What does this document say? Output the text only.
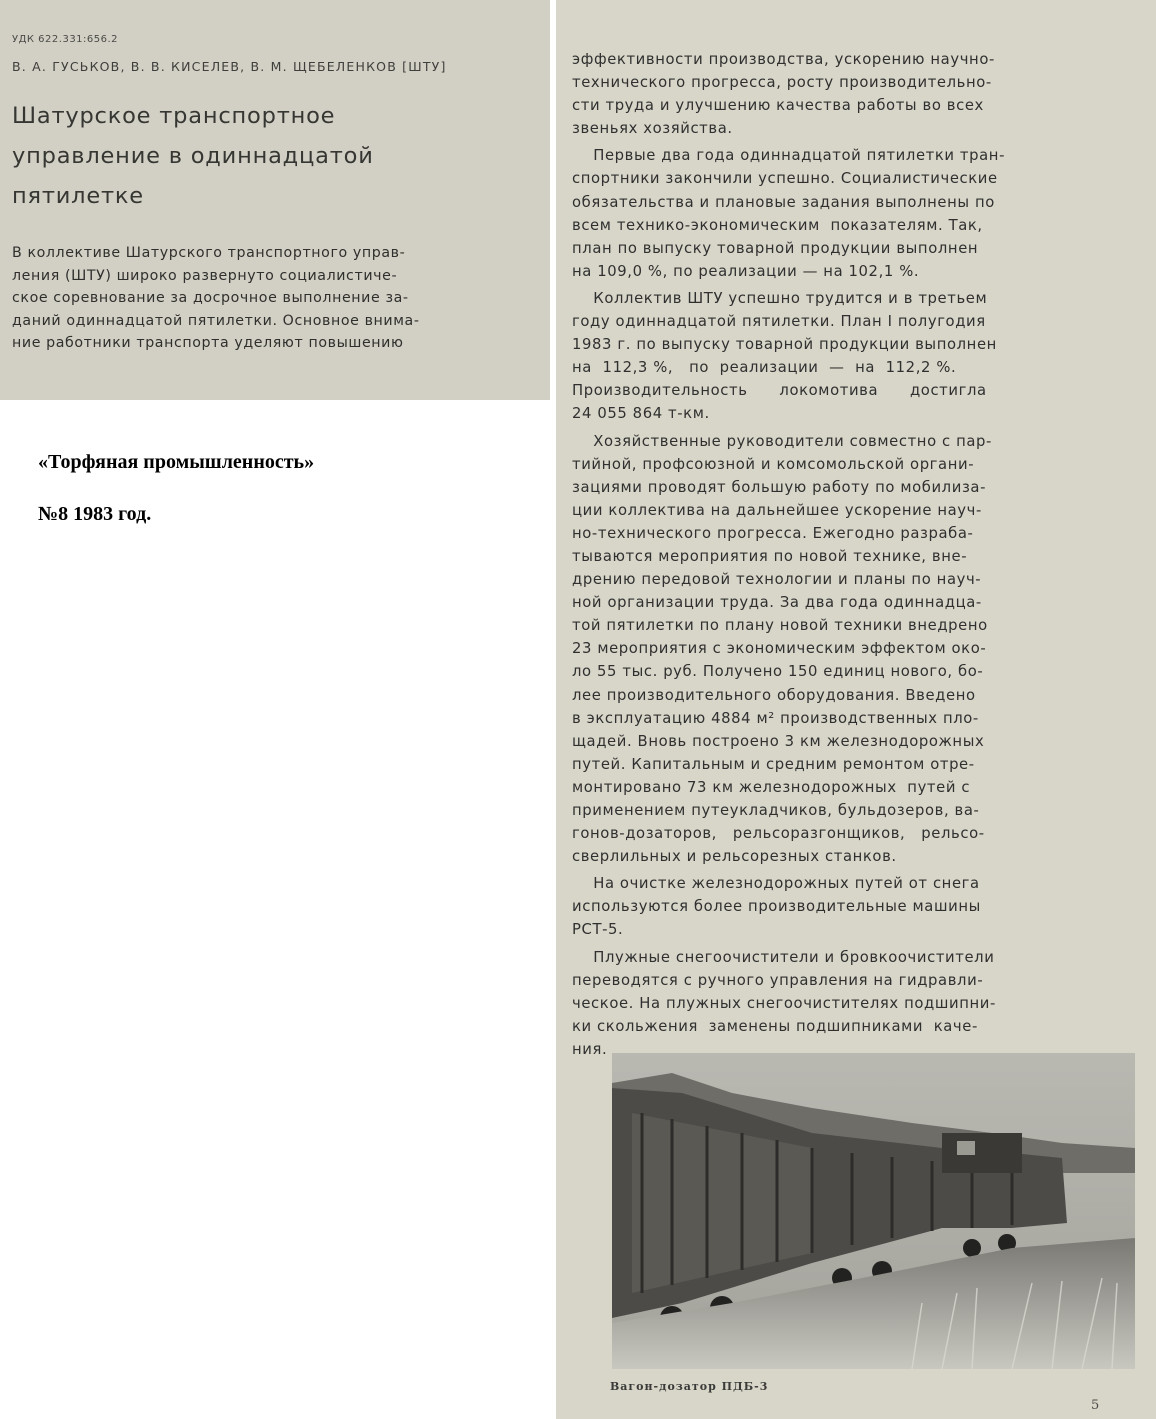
УДК 622.331:656.2
В. А. ГУСЬКОВ, В. В. КИСЕЛЕВ, В. М. ЩЕБЕЛЕНКОВ [ШТУ]
Шатурское транспортное
управление в одиннадцатой
пятилетке
В коллективе Шатурского транспортного управ-
ления (ШТУ) широко развернуто социалистиче-
ское соревнование за досрочное выполнение за-
даний одиннадцатой пятилетки. Основное внима-
ние работники транспорта уделяют повышению
«Торфяная промышленность»
№8 1983 год.
эффективности производства, ускорению научно-
технического прогресса, росту производительно-
сти труда и улучшению качества работы во всех
звеньях хозяйства.
Первые два года одиннадцатой пятилетки тран-
спортники закончили успешно. Социалистические
обязательства и плановые задания выполнены по
всем технико-экономическим  показателям. Так,
план по выпуску товарной продукции выполнен
на 109,0 %, по реализации — на 102,1 %.
Коллектив ШТУ успешно трудится и в третьем
году одиннадцатой пятилетки. План I полугодия
1983 г. по выпуску товарной продукции выполнен
на  112,3 %,   по  реализации  —  на  112,2 %.
Производительность      локомотива      достигла
24 055 864 т-км.
Хозяйственные руководители совместно с пар-
тийной, профсоюзной и комсомольской органи-
зациями проводят большую работу по мобилиза-
ции коллектива на дальнейшее ускорение науч-
но-технического прогресса. Ежегодно разраба-
тываются мероприятия по новой технике, вне-
дрению передовой технологии и планы по науч-
ной организации труда. За два года одиннадца-
той пятилетки по плану новой техники внедрено
23 мероприятия с экономическим эффектом око-
ло 55 тыс. руб. Получено 150 единиц нового, бо-
лее производительного оборудования. Введено
в эксплуатацию 4884 м² производственных пло-
щадей. Вновь построено 3 км железнодорожных
путей. Капитальным и средним ремонтом отре-
монтировано 73 км железнодорожных  путей с
применением путеукладчиков, бульдозеров, ва-
гонов-дозаторов,   рельсоразгонщиков,   рельсо-
сверлильных и рельсорезных станков.
На очистке железнодорожных путей от снега
используются более производительные машины
РСТ-5.
Плужные снегоочистители и бровкоочистители
переводятся с ручного управления на гидравли-
ческое. На плужных снегоочистителях подшипни-
ки скольжения  заменены подшипниками  каче-
ния.
Вагон-дозатор ПДБ-3
5
